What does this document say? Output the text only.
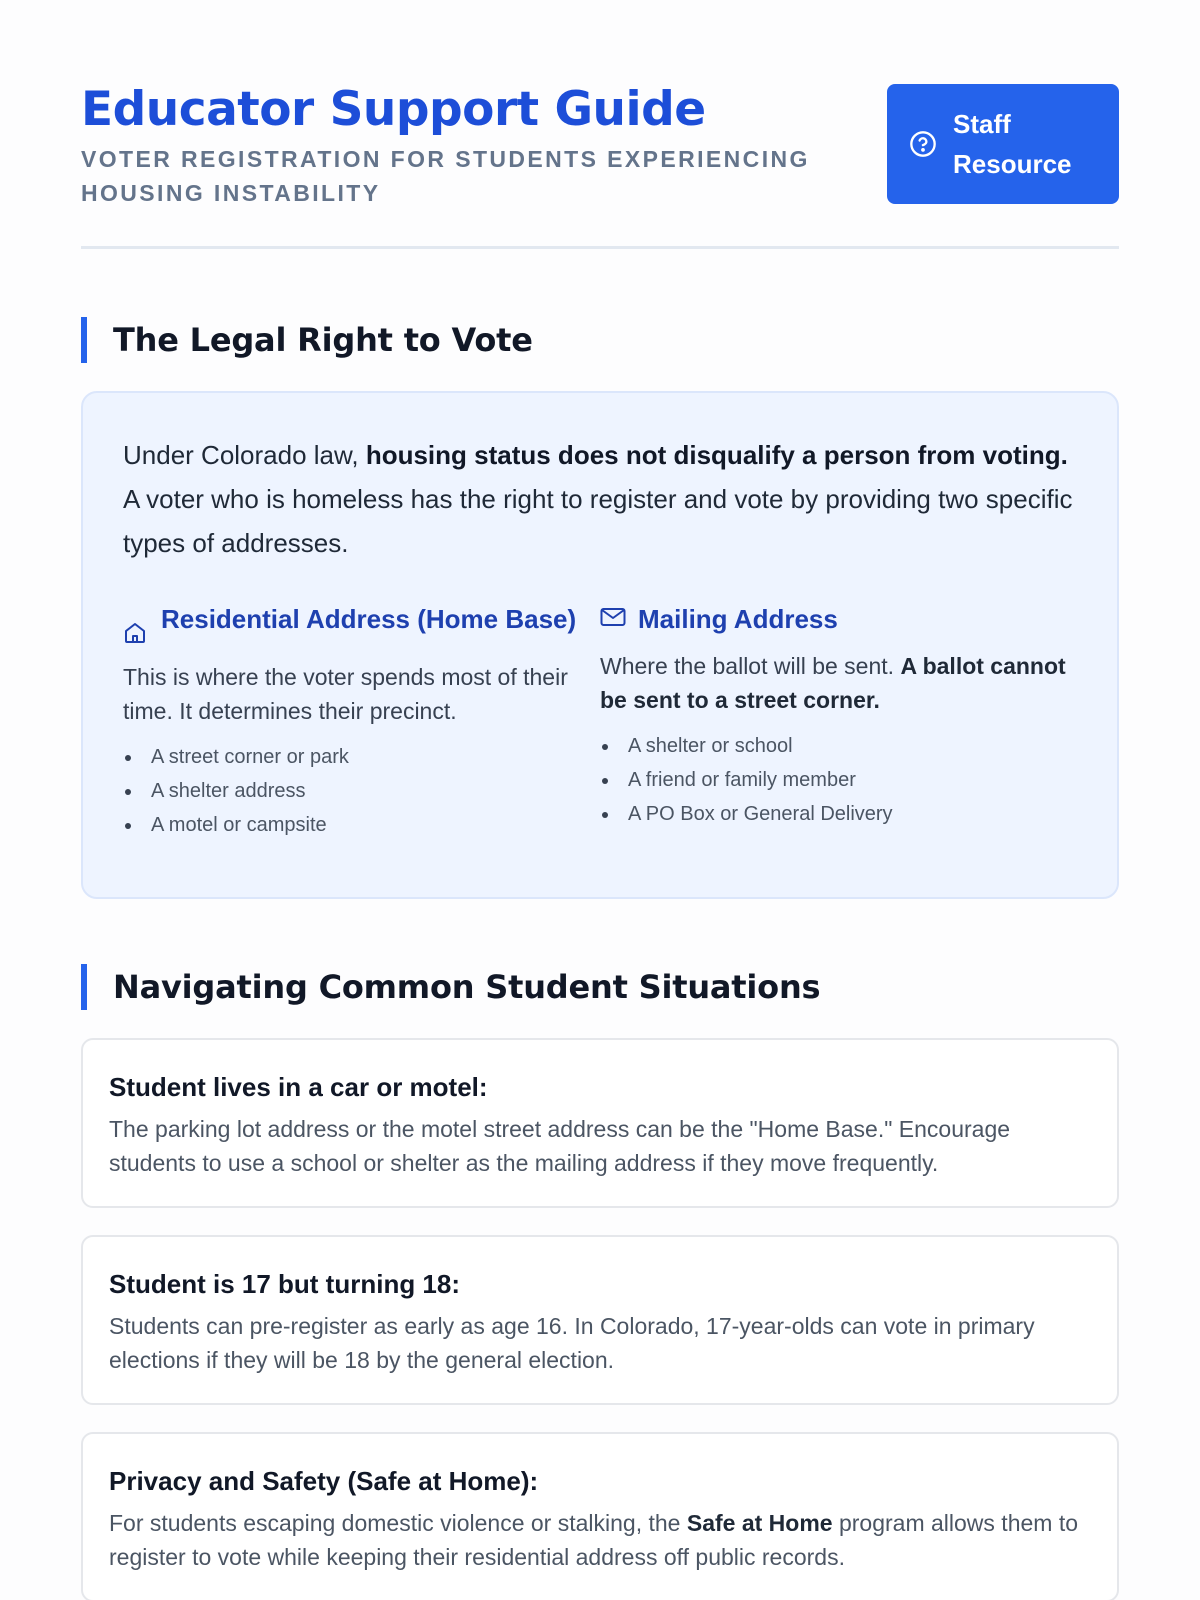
Educator Support Guide
VOTER REGISTRATION FOR STUDENTS EXPERIENCING HOUSING INSTABILITY
Staff Resource
The Legal Right to Vote

Under Colorado law, housing status does not disqualify a person from voting. A voter who is homeless has the right to register and vote by providing two specific types of addresses.

Residential Address (Home Base)

This is where the voter spends most of their time. It determines their precinct.

A street corner or park
A shelter address
A motel or campsite
Mailing Address

Where the ballot will be sent. A ballot cannot be sent to a street corner.

A shelter or school
A friend or family member
A PO Box or General Delivery
Navigating Common Student Situations
Student lives in a car or motel:

The parking lot address or the motel street address can be the "Home Base." Encourage students to use a school or shelter as the mailing address if they move frequently.

Student is 17 but turning 18:

Students can pre-register as early as age 16. In Colorado, 17-year-olds can vote in primary elections if they will be 18 by the general election.

Privacy and Safety (Safe at Home):

For students escaping domestic violence or stalking, the Safe at Home program allows them to register to vote while keeping their residential address off public records.
